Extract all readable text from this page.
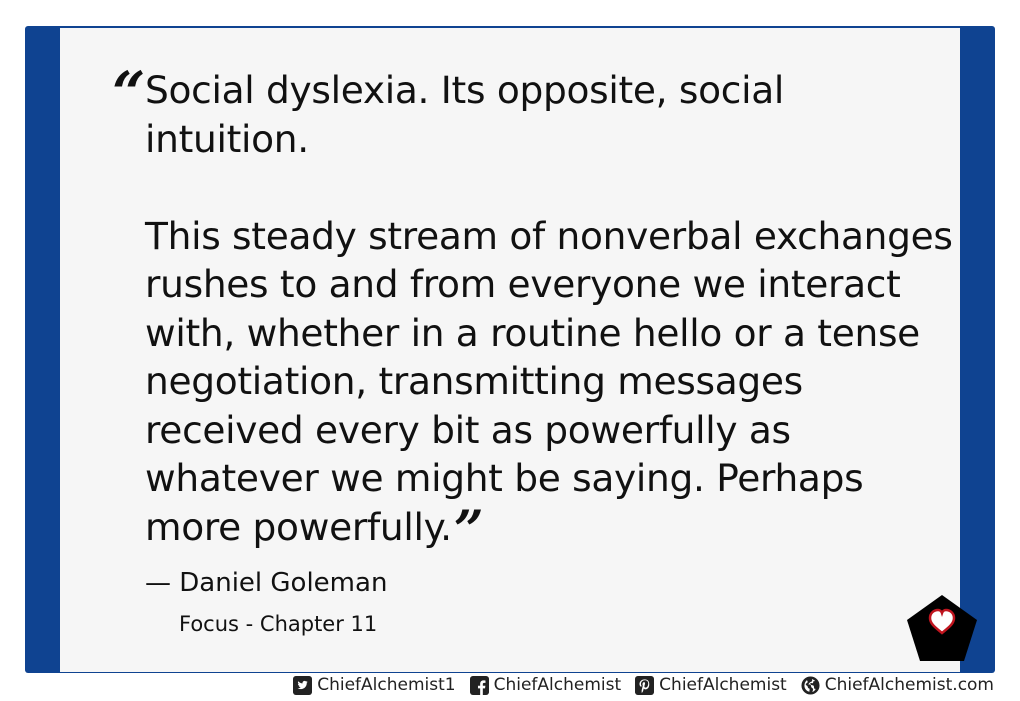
“ Social dyslexia. Its opposite, social intuition.

This steady stream of nonverbal exchanges rushes to and from everyone we interact with, whether in a routine hello or a tense negotiation, transmitting messages received every bit as powerfully as whatever we might be saying. Perhaps more powerfully.”

— Daniel Goleman
Focus - Chapter 11
ChiefAlchemist1 ChiefAlchemist ChiefAlchemist ChiefAlchemist.com
